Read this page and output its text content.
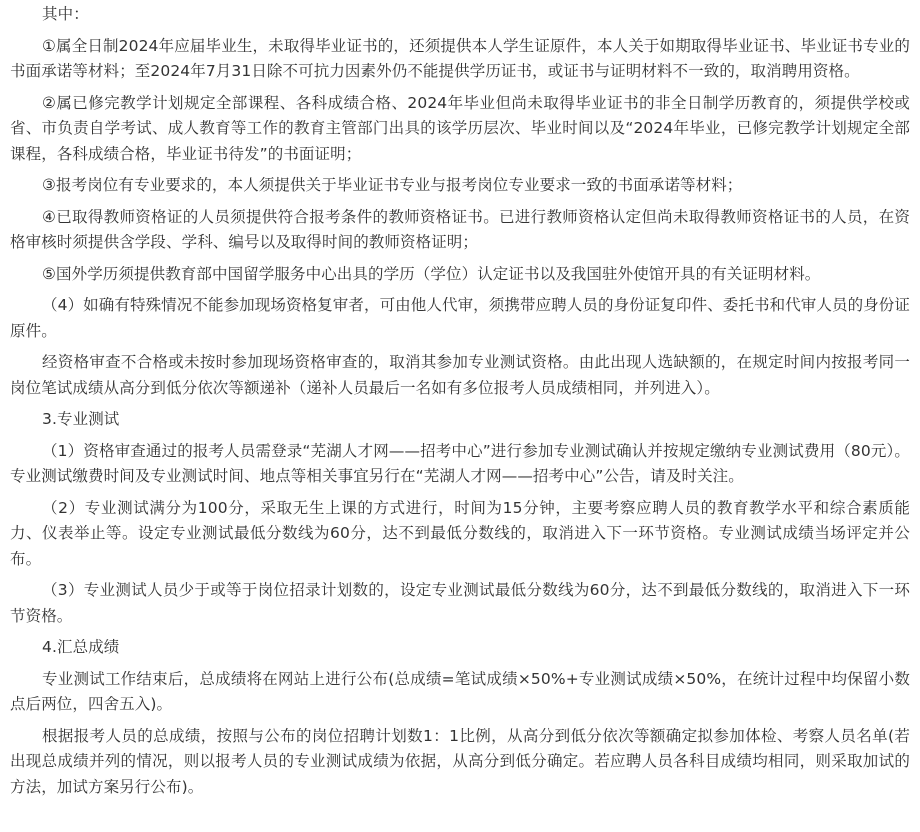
其中：

①属全日制2024年应届毕业生，未取得毕业证书的，还须提供本人学生证原件，本人关于如期取得毕业证书、毕业证书专业的书面承诺等材料；至2024年7月31日除不可抗力因素外仍不能提供学历证书，或证书与证明材料不一致的，取消聘用资格。

②属已修完教学计划规定全部课程、各科成绩合格、2024年毕业但尚未取得毕业证书的非全日制学历教育的，须提供学校或省、市负责自学考试、成人教育等工作的教育主管部门出具的该学历层次、毕业时间以及“2024年毕业，已修完教学计划规定全部课程，各科成绩合格，毕业证书待发”的书面证明；

③报考岗位有专业要求的，本人须提供关于毕业证书专业与报考岗位专业要求一致的书面承诺等材料；

④已取得教师资格证的人员须提供符合报考条件的教师资格证书。已进行教师资格认定但尚未取得教师资格证书的人员，在资格审核时须提供含学段、学科、编号以及取得时间的教师资格证明；

⑤国外学历须提供教育部中国留学服务中心出具的学历（学位）认定证书以及我国驻外使馆开具的有关证明材料。

（4）如确有特殊情况不能参加现场资格复审者，可由他人代审，须携带应聘人员的身份证复印件、委托书和代审人员的身份证原件。

经资格审查不合格或未按时参加现场资格审查的，取消其参加专业测试资格。由此出现人选缺额的，在规定时间内按报考同一岗位笔试成绩从高分到低分依次等额递补（递补人员最后一名如有多位报考人员成绩相同，并列进入）。

3.专业测试

（1）资格审查通过的报考人员需登录“芜湖人才网——招考中心”进行参加专业测试确认并按规定缴纳专业测试费用（80元）。专业测试缴费时间及专业测试时间、地点等相关事宜另行在“芜湖人才网——招考中心”公告，请及时关注。

（2）专业测试满分为100分，采取无生上课的方式进行，时间为15分钟，主要考察应聘人员的教育教学水平和综合素质能力、仪表举止等。设定专业测试最低分数线为60分，达不到最低分数线的，取消进入下一环节资格。专业测试成绩当场评定并公布。

（3）专业测试人员少于或等于岗位招录计划数的，设定专业测试最低分数线为60分，达不到最低分数线的，取消进入下一环节资格。

4.汇总成绩

专业测试工作结束后，总成绩将在网站上进行公布(总成绩=笔试成绩×50%+专业测试成绩×50%，在统计过程中均保留小数点后两位，四舍五入)。

根据报考人员的总成绩，按照与公布的岗位招聘计划数1：1比例，从高分到低分依次等额确定拟参加体检、考察人员名单(若出现总成绩并列的情况，则以报考人员的专业测试成绩为依据，从高分到低分确定。若应聘人员各科目成绩均相同，则采取加试的方法，加试方案另行公布)。
